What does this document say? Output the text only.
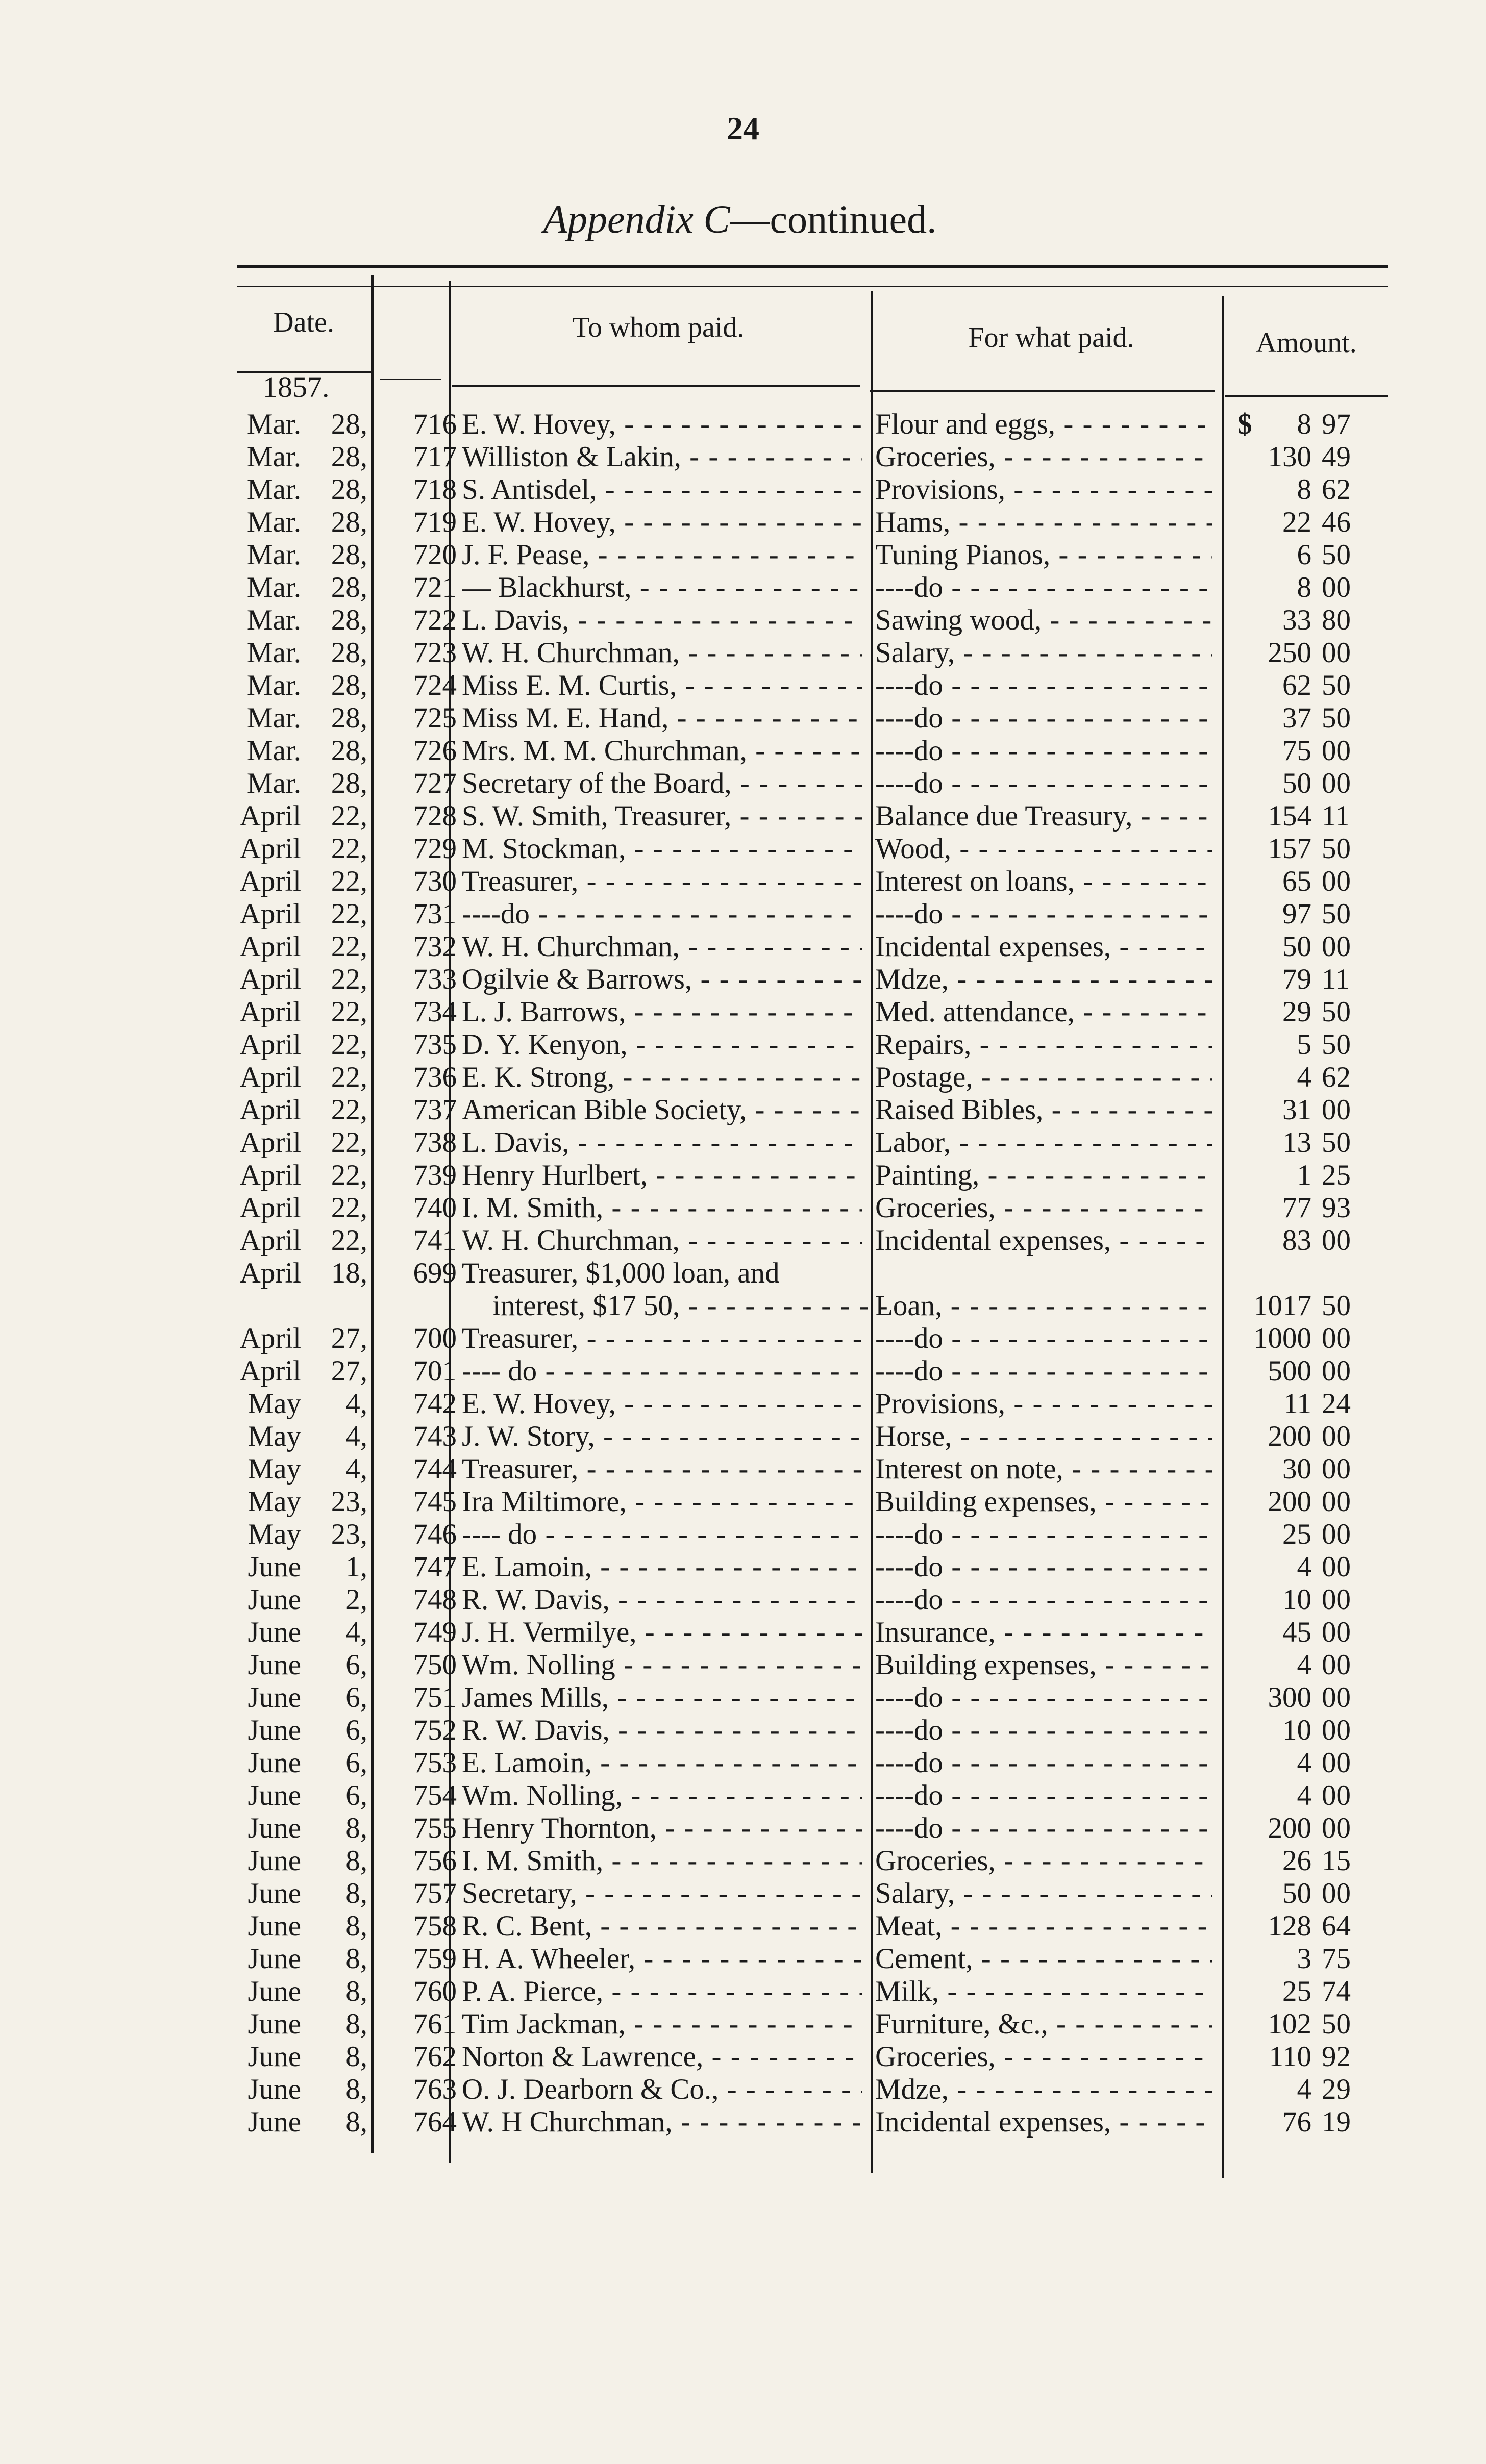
24
Appendix C—continued.
Date.	To whom paid.	For what paid.	Amount.
1857.
Mar. 28,	716 E. W. Hovey, - - -	Flour and eggs, - - -	$	8 97
Mar. 28,	717 Williston & Lakin, - - -	Groceries, - - -	130 49
Mar. 28,	718 S. Antisdel, - - -	Provisions, - - -	8 62
Mar. 28,	719 E. W. Hovey, - - -	Hams, - - -	22 46
Mar. 28,	720 J. F. Pease, - - -	Tuning Pianos, - - -	6 50
Mar. 28,	721 — Blackhurst, - - -	----do - - -	8 00
Mar. 28,	722 L. Davis, - - -	Sawing wood, - - -	33 80
Mar. 28,	723 W. H. Churchman, - - -	Salary, - - -	250 00
Mar. 28,	724 Miss E. M. Curtis, - - -	----do - - -	62 50
Mar. 28,	725 Miss M. E. Hand, - - -	----do - - -	37 50
Mar. 28,	726 Mrs. M. M. Churchman, - - -	----do - - -	75 00
Mar. 28,	727 Secretary of the Board, - - -	----do - - -	50 00
April 22,	728 S. W. Smith, Treasurer, - - -	Balance due Treasury, - - -	154 11
April 22,	729 M. Stockman, - - -	Wood, - - -	157 50
April 22,	730 Treasurer, - - -	Interest on loans, - - -	65 00
April 22,	731 ----do - - -	----do - - -	97 50
April 22,	732 W. H. Churchman, - - -	Incidental expenses, - - -	50 00
April 22,	733 Ogilvie & Barrows, - - -	Mdze, - - -	79 11
April 22,	734 L. J. Barrows, - - -	Med. attendance, - - -	29 50
April 22,	735 D. Y. Kenyon, - - -	Repairs, - - -	5 50
April 22,	736 E. K. Strong, - - -	Postage, - - -	4 62
April 22,	737 American Bible Society, - - -	Raised Bibles, - - -	31 00
April 22,	738 L. Davis, - - -	Labor, - - -	13 50
April 22,	739 Henry Hurlbert, - - -	Painting, - - -	1 25
April 22,	740 I. M. Smith, - - -	Groceries, - - -	77 93
April 22,	741 W. H. Churchman, - - -	Incidental expenses, - - -	83 00
April 18,	699 Treasurer, $1,000 loan, and
interest, $17 50, - - -	Loan, - - -	1017 50
April 27,	700 Treasurer, - - -	----do - - -	1000 00
April 27,	701 ---- do - - -	----do - - -	500 00
May 4,	742 E. W. Hovey, - - -	Provisions, - - -	11 24
May 4,	743 J. W. Story, - - -	Horse, - - -	200 00
May 4,	744 Treasurer, - - -	Interest on note, - - -	30 00
May 23,	745 Ira Miltimore, - - -	Building expenses, - - -	200 00
May 23,	746 ---- do - - -	----do - - -	25 00
June 1,	747 E. Lamoin, - - -	----do - - -	4 00
June 2,	748 R. W. Davis, - - -	----do - - -	10 00
June 4,	749 J. H. Vermilye, - - -	Insurance, - - -	45 00
June 6,	750 Wm. Nolling - - -	Building expenses, - - -	4 00
June 6,	751 James Mills, - - -	----do - - -	300 00
June 6,	752 R. W. Davis, - - -	----do - - -	10 00
June 6,	753 E. Lamoin, - - -	----do - - -	4 00
June 6,	754 Wm. Nolling, - - -	----do - - -	4 00
June 8,	755 Henry Thornton, - - -	----do - - -	200 00
June 8,	756 I. M. Smith, - - -	Groceries, - - -	26 15
June 8,	757 Secretary, - - -	Salary, - - -	50 00
June 8,	758 R. C. Bent, - - -	Meat, - - -	128 64
June 8,	759 H. A. Wheeler, - - -	Cement, - - -	3 75
June 8,	760 P. A. Pierce, - - -	Milk, - - -	25 74
June 8,	761 Tim Jackman, - - -	Furniture, &c., - - -	102 50
June 8,	762 Norton & Lawrence, - - -	Groceries, - - -	110 92
June 8,	763 O. J. Dearborn & Co., - - -	Mdze, - - -	4 29
June 8,	764 W. H Churchman, - - -	Incidental expenses, - - -	76 19
